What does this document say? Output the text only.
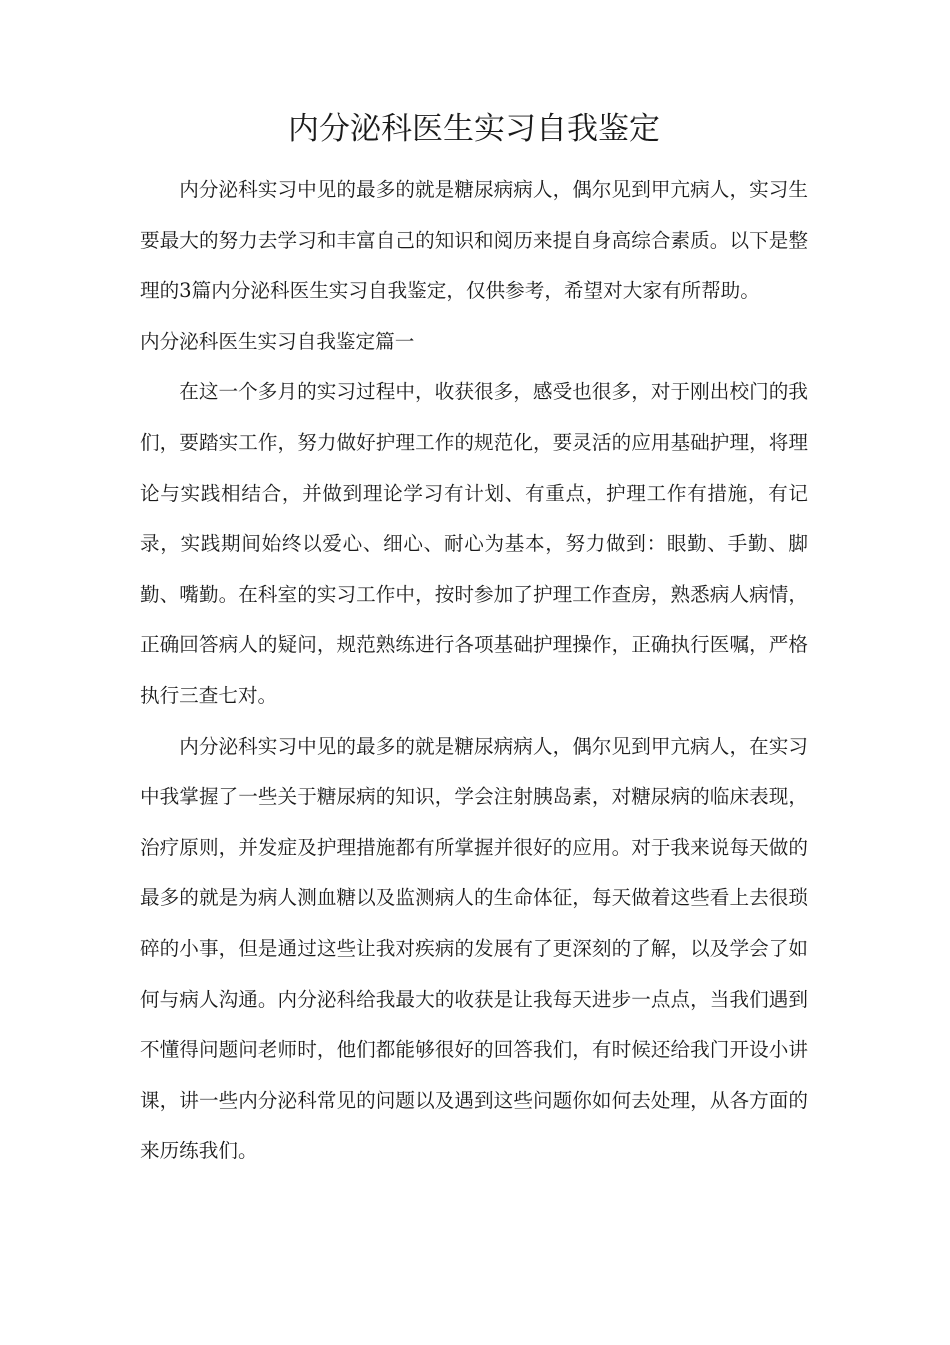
内分泌科医生实习自我鉴定

内分泌科实习中见的最多的就是糖尿病病人，偶尔见到甲亢病人，实习生要最大的努力去学习和丰富自己的知识和阅历来提自身高综合素质。以下是整理的3篇内分泌科医生实习自我鉴定，仅供参考，希望对大家有所帮助。

内分泌科医生实习自我鉴定篇一

在这一个多月的实习过程中，收获很多，感受也很多，对于刚出校门的我们，要踏实工作，努力做好护理工作的规范化，要灵活的应用基础护理，将理论与实践相结合，并做到理论学习有计划、有重点，护理工作有措施，有记录，实践期间始终以爱心、细心、耐心为基本，努力做到：眼勤、手勤、脚勤、嘴勤。在科室的实习工作中，按时参加了护理工作查房，熟悉病人病情，正确回答病人的疑问，规范熟练进行各项基础护理操作，正确执行医嘱，严格执行三查七对。

内分泌科实习中见的最多的就是糖尿病病人，偶尔见到甲亢病人，在实习中我掌握了一些关于糖尿病的知识，学会注射胰岛素，对糖尿病的临床表现，治疗原则，并发症及护理措施都有所掌握并很好的应用。对于我来说每天做的最多的就是为病人测血糖以及监测病人的生命体征，每天做着这些看上去很琐碎的小事，但是通过这些让我对疾病的发展有了更深刻的了解，以及学会了如何与病人沟通。内分泌科给我最大的收获是让我每天进步一点点，当我们遇到不懂得问题问老师时，他们都能够很好的回答我们，有时候还给我门开设小讲课，讲一些内分泌科常见的问题以及遇到这些问题你如何去处理，从各方面的来历练我们。
